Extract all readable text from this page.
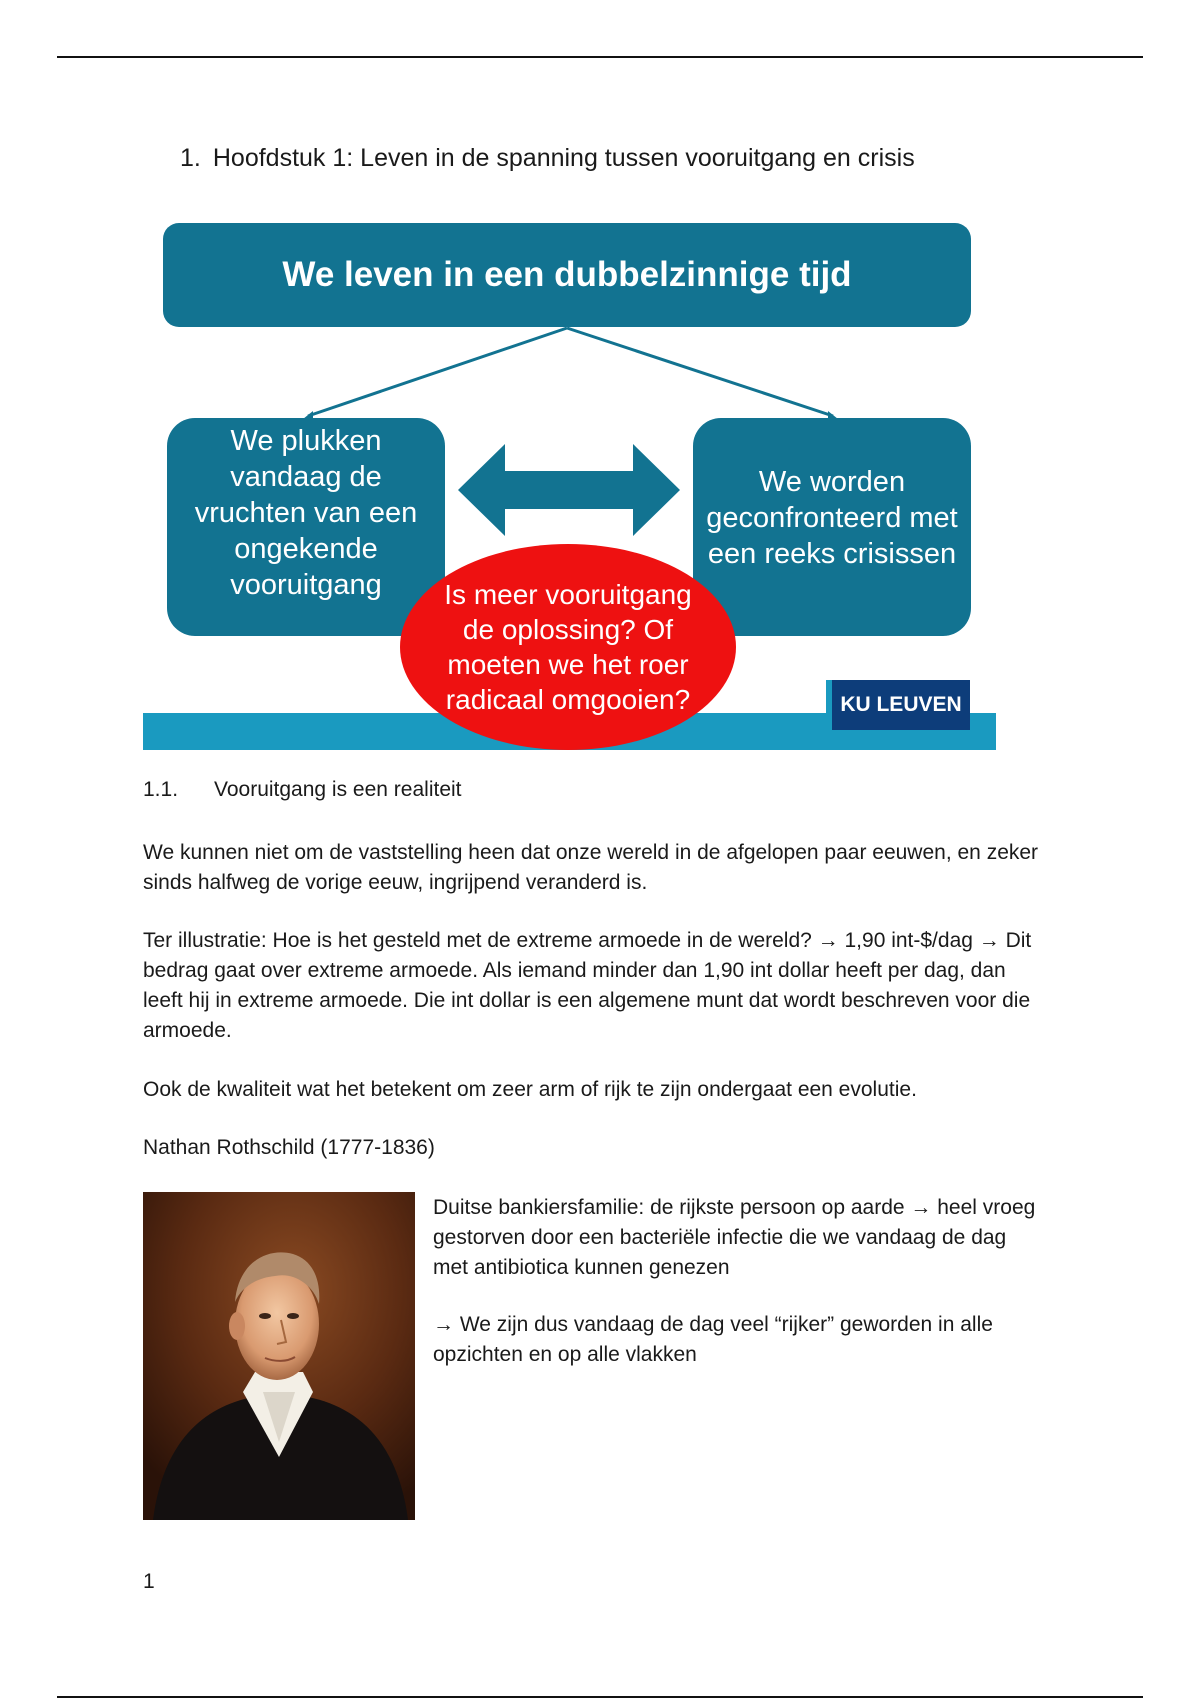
1. Hoofdstuk 1: Leven in de spanning tussen vooruitgang en crisis
We leven in een dubbelzinnige tijd
We plukken vandaag de vruchten van een ongekende vooruitgang
We worden geconfronteerd met een reeks crisissen
KU LEUVEN
Is meer vooruitgang de oplossing? Of moeten we het roer radicaal omgooien?
1.1. Vooruitgang is een realiteit
We kunnen niet om de vaststelling heen dat onze wereld in de afgelopen paar eeuwen, en zeker sinds halfweg de vorige eeuw, ingrijpend veranderd is.
Ter illustratie: Hoe is het gesteld met de extreme armoede in de wereld? → 1,90 int-$/dag → Dit bedrag gaat over extreme armoede. Als iemand minder dan 1,90 int dollar heeft per dag, dan leeft hij in extreme armoede. Die int dollar is een algemene munt dat wordt beschreven voor die armoede.
Ook de kwaliteit wat het betekent om zeer arm of rijk te zijn ondergaat een evolutie.
Nathan Rothschild (1777-1836)
Duitse bankiersfamilie: de rijkste persoon op aarde → heel vroeg gestorven door een bacteriële infectie die we vandaag de dag met antibiotica kunnen genezen
→ We zijn dus vandaag de dag veel “rijker” geworden in alle opzichten en op alle vlakken
1
